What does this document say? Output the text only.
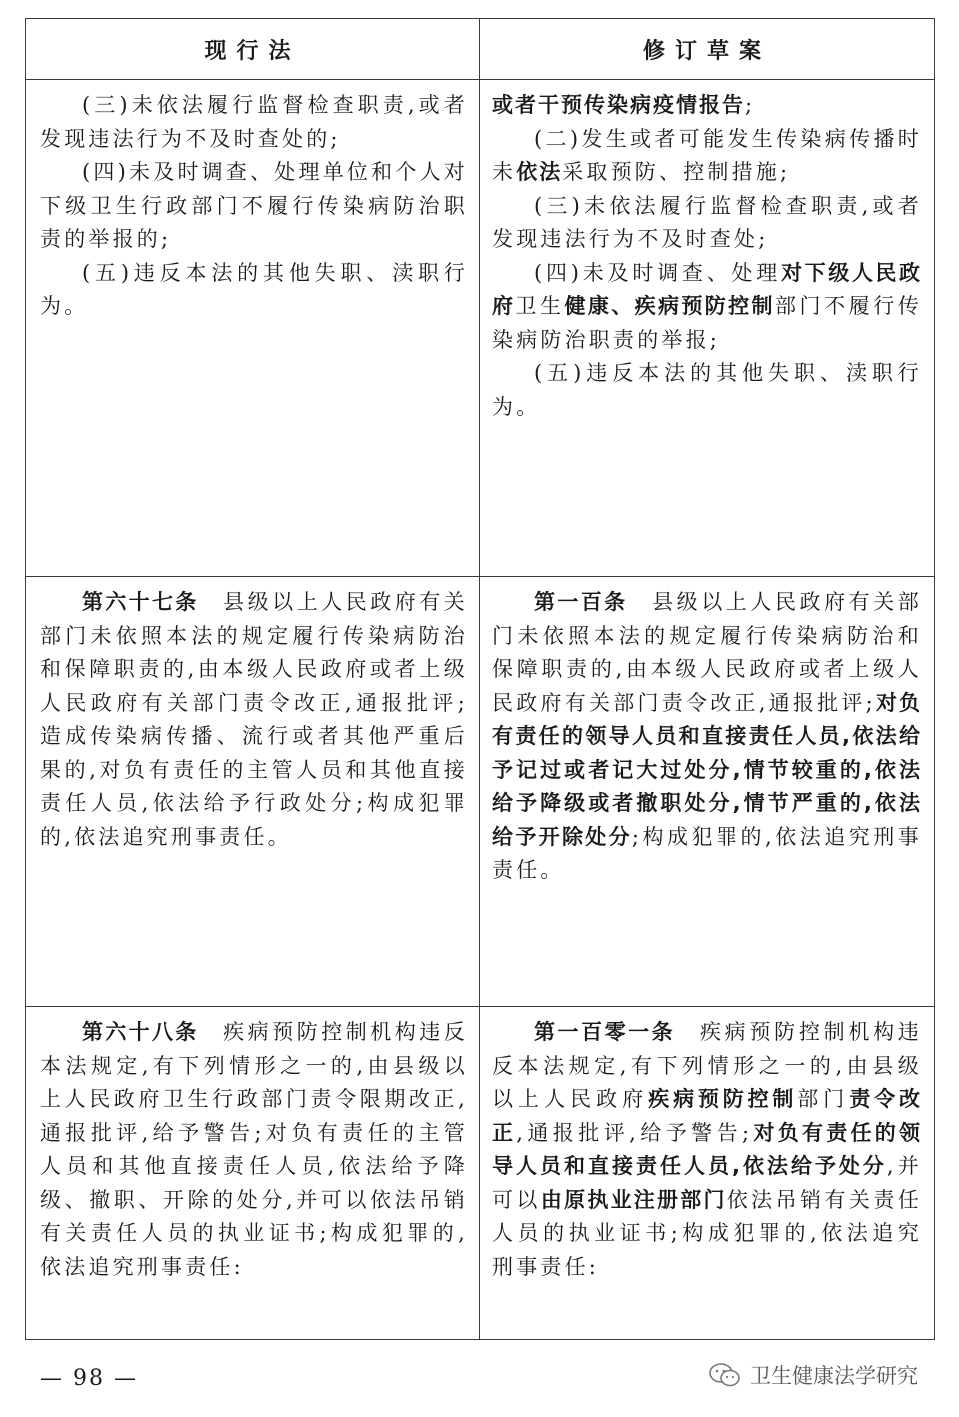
现行法	修订草案

(三)未依法履行监督检查职责,或者发现违法行为不及时查处的;

(四)未及时调查、处理单位和个人对下级卫生行政部门不履行传染病防治职责的举报的;

(五)违反本法的其他失职、渎职行为。

或者干预传染病疫情报告;

(二)发生或者可能发生传染病传播时未依法采取预防、控制措施;

(三)未依法履行监督检查职责,或者发现违法行为不及时查处;

(四)未及时调查、处理对下级人民政府卫生健康、疾病预防控制部门不履行传染病防治职责的举报;

(五)违反本法的其他失职、渎职行为。

第六十七条  县级以上人民政府有关部门未依照本法的规定履行传染病防治和保障职责的,由本级人民政府或者上级人民政府有关部门责令改正,通报批评;造成传染病传播、流行或者其他严重后果的,对负有责任的主管人员和其他直接责任人员,依法给予行政处分;构成犯罪的,依法追究刑事责任。

第一百条  县级以上人民政府有关部门未依照本法的规定履行传染病防治和保障职责的,由本级人民政府或者上级人民政府有关部门责令改正,通报批评;对负有责任的领导人员和直接责任人员,依法给予记过或者记大过处分,情节较重的,依法给予降级或者撤职处分,情节严重的,依法给予开除处分;构成犯罪的,依法追究刑事责任。

第六十八条  疾病预防控制机构违反本法规定,有下列情形之一的,由县级以上人民政府卫生行政部门责令限期改正,通报批评,给予警告;对负有责任的主管人员和其他直接责任人员,依法给予降级、撤职、开除的处分,并可以依法吊销有关责任人员的执业证书;构成犯罪的,依法追究刑事责任:

第一百零一条  疾病预防控制机构违反本法规定,有下列情形之一的,由县级以上人民政府疾病预防控制部门责令改正,通报批评,给予警告;对负有责任的领导人员和直接责任人员,依法给予处分,并可以由原执业注册部门依法吊销有关责任人员的执业证书;构成犯罪的,依法追究刑事责任:

— 98 —	卫生健康法学研究
